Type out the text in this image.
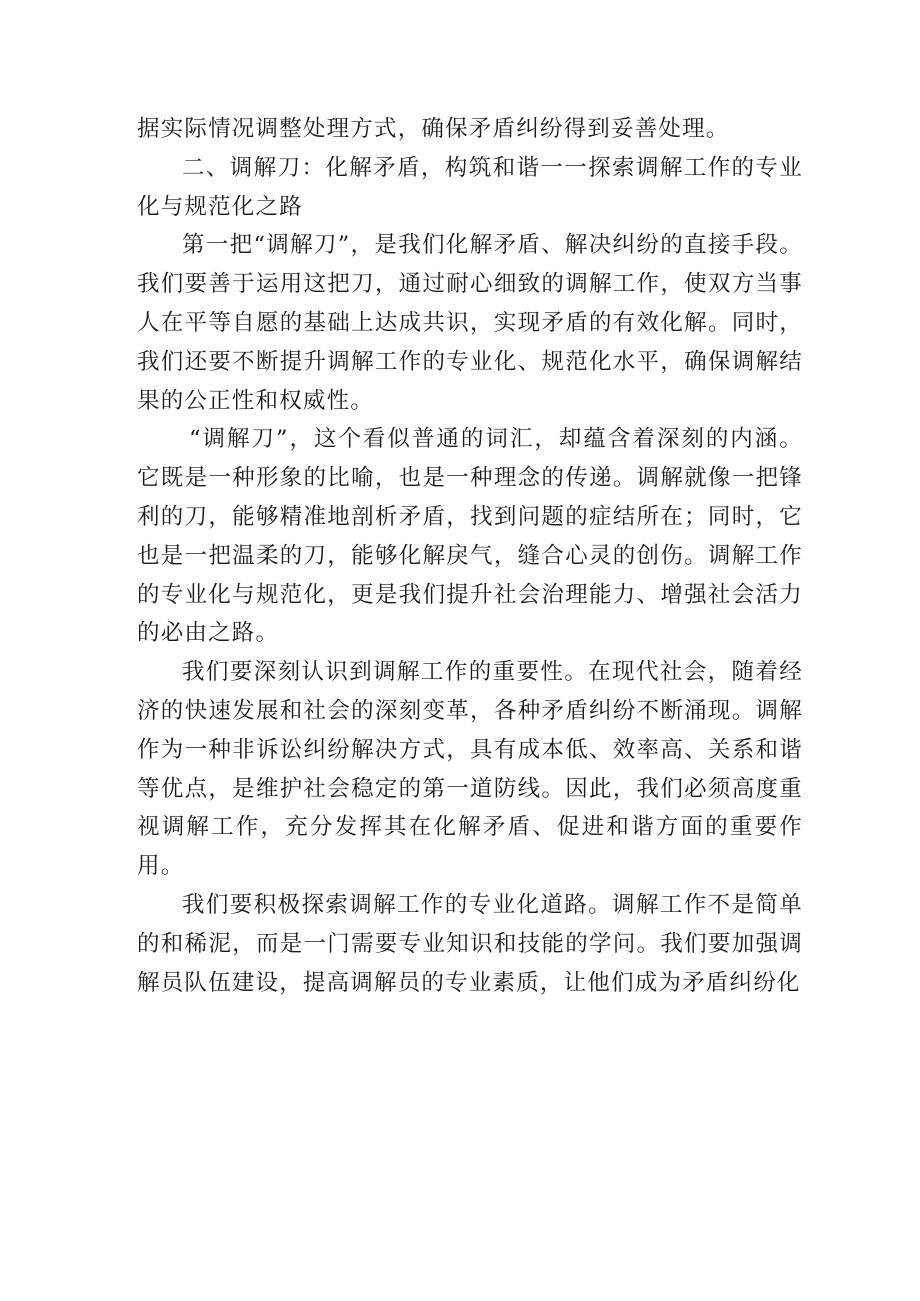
据实际情况调整处理方式，确保矛盾纠纷得到妥善处理。

二、调解刀：化解矛盾，构筑和谐一一探索调解工作的专业化与规范化之路

第一把“调解刀”，是我们化解矛盾、解决纠纷的直接手段。我们要善于运用这把刀，通过耐心细致的调解工作，使双方当事人在平等自愿的基础上达成共识，实现矛盾的有效化解。同时，我们还要不断提升调解工作的专业化、规范化水平，确保调解结果的公正性和权威性。

“调解刀”，这个看似普通的词汇，却蕴含着深刻的内涵。它既是一种形象的比喻，也是一种理念的传递。调解就像一把锋利的刀，能够精准地剖析矛盾，找到问题的症结所在；同时，它也是一把温柔的刀，能够化解戾气，缝合心灵的创伤。调解工作的专业化与规范化，更是我们提升社会治理能力、增强社会活力的必由之路。

我们要深刻认识到调解工作的重要性。在现代社会，随着经济的快速发展和社会的深刻变革，各种矛盾纠纷不断涌现。调解作为一种非诉讼纠纷解决方式，具有成本低、效率高、关系和谐等优点，是维护社会稳定的第一道防线。因此，我们必须高度重视调解工作，充分发挥其在化解矛盾、促进和谐方面的重要作用。

我们要积极探索调解工作的专业化道路。调解工作不是简单的和稀泥，而是一门需要专业知识和技能的学问。我们要加强调解员队伍建设，提高调解员的专业素质，让他们成为矛盾纠纷化
